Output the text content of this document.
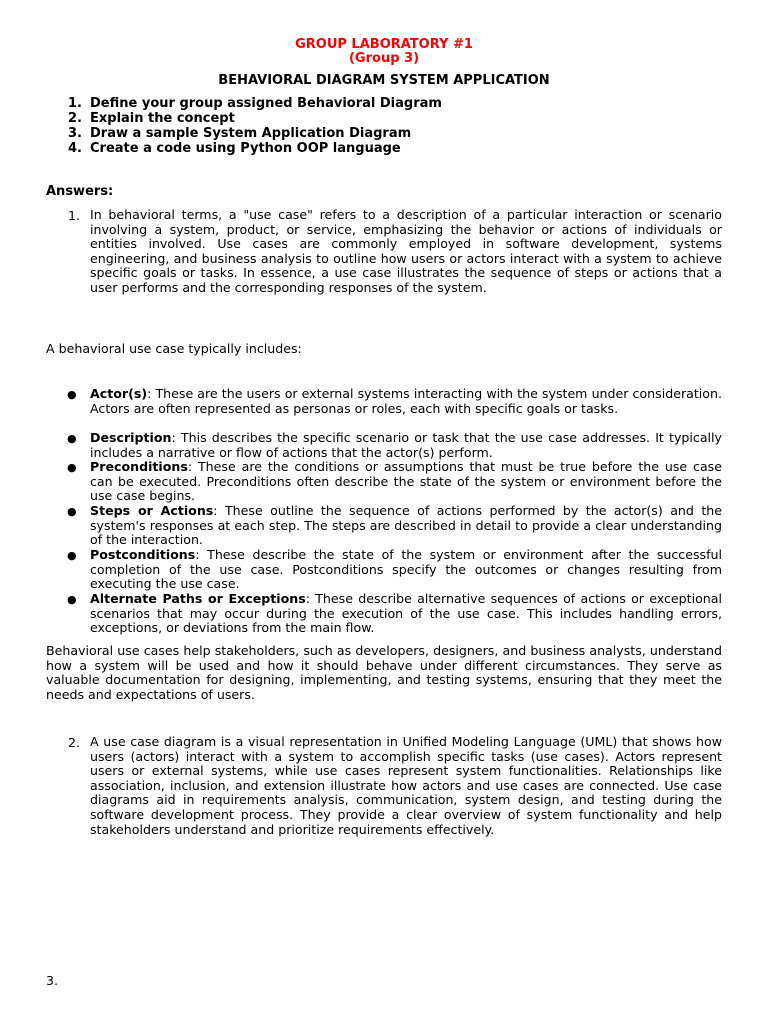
GROUP LABORATORY #1
(Group 3)
BEHAVIORAL DIAGRAM SYSTEM APPLICATION
1. Define your group assigned Behavioral Diagram
2. Explain the concept
3. Draw a sample System Application Diagram
4. Create a code using Python OOP language
Answers:
1. In behavioral terms, a "use case" refers to a description of a particular interaction or scenario involving a system, product, or service, emphasizing the behavior or actions of individuals or entities involved. Use cases are commonly employed in software development, systems engineering, and business analysis to outline how users or actors interact with a system to achieve specific goals or tasks. In essence, a use case illustrates the sequence of steps or actions that a user performs and the corresponding responses of the system.

A behavioral use case typically includes:

● Actor(s): These are the users or external systems interacting with the system under consideration. Actors are often represented as personas or roles, each with specific goals or tasks.

● Description: This describes the specific scenario or task that the use case addresses. It typically includes a narrative or flow of actions that the actor(s) perform.

● Preconditions: These are the conditions or assumptions that must be true before the use case can be executed. Preconditions often describe the state of the system or environment before the use case begins.

● Steps or Actions: These outline the sequence of actions performed by the actor(s) and the system's responses at each step. The steps are described in detail to provide a clear understanding of the interaction.

● Postconditions: These describe the state of the system or environment after the successful completion of the use case. Postconditions specify the outcomes or changes resulting from executing the use case.

● Alternate Paths or Exceptions: These describe alternative sequences of actions or exceptional scenarios that may occur during the execution of the use case. This includes handling errors, exceptions, or deviations from the main flow.

Behavioral use cases help stakeholders, such as developers, designers, and business analysts, understand how a system will be used and how it should behave under different circumstances. They serve as valuable documentation for designing, implementing, and testing systems, ensuring that they meet the needs and expectations of users.

2. A use case diagram is a visual representation in Unified Modeling Language (UML) that shows how users (actors) interact with a system to accomplish specific tasks (use cases). Actors represent users or external systems, while use cases represent system functionalities. Relationships like association, inclusion, and extension illustrate how actors and use cases are connected. Use case diagrams aid in requirements analysis, communication, system design, and testing during the software development process. They provide a clear overview of system functionality and help stakeholders understand and prioritize requirements effectively.

3.
